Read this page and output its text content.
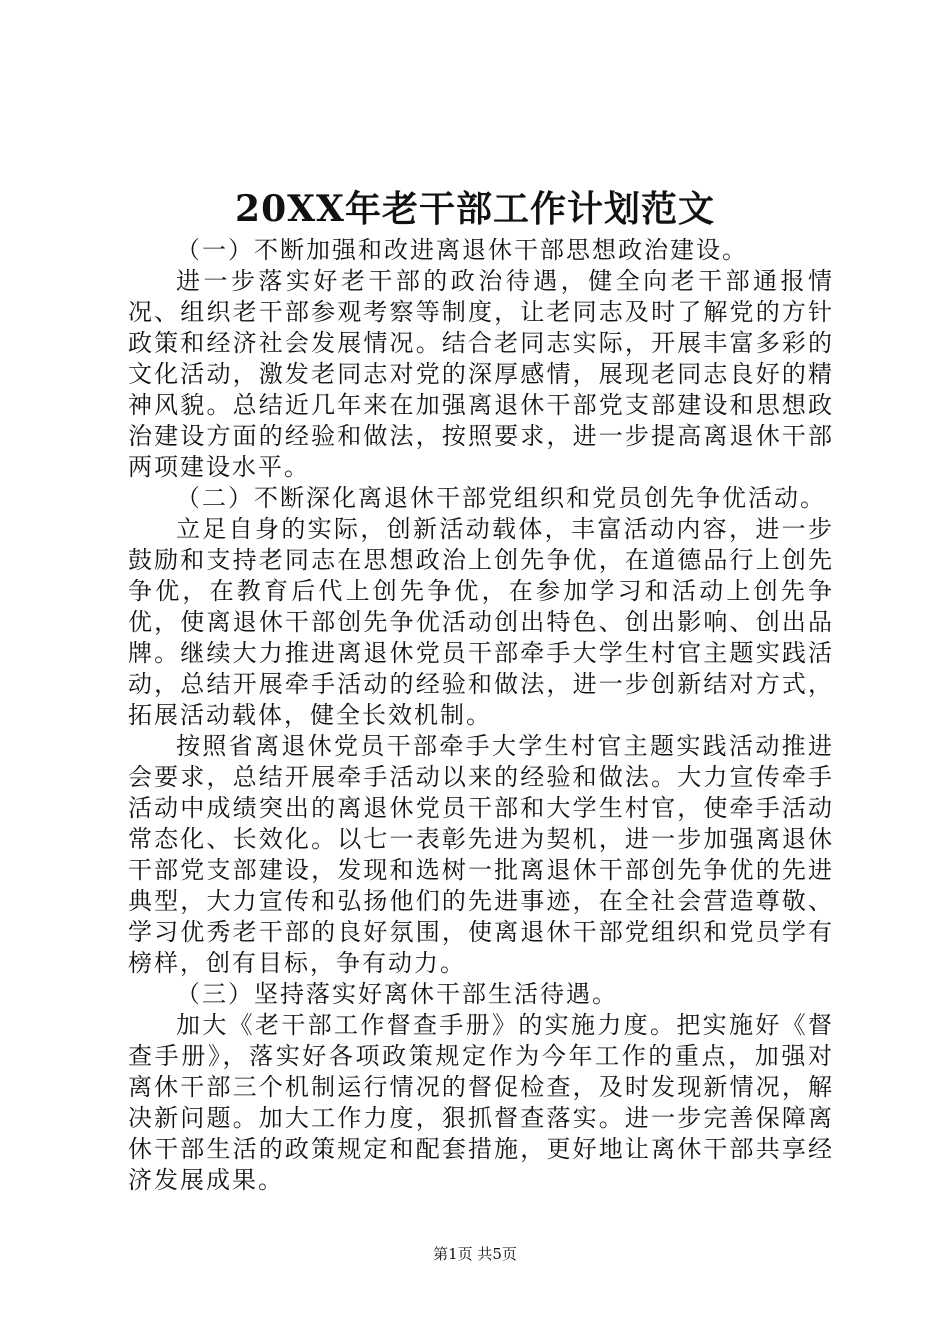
20XX年老干部工作计划范文

（一）不断加强和改进离退休干部思想政治建设。

进一步落实好老干部的政治待遇，健全向老干部通报情况、组织老干部参观考察等制度，让老同志及时了解党的方针政策和经济社会发展情况。结合老同志实际，开展丰富多彩的文化活动，激发老同志对党的深厚感情，展现老同志良好的精神风貌。总结近几年来在加强离退休干部党支部建设和思想政治建设方面的经验和做法，按照要求，进一步提高离退休干部两项建设水平。

（二）不断深化离退休干部党组织和党员创先争优活动。

立足自身的实际，创新活动载体，丰富活动内容，进一步鼓励和支持老同志在思想政治上创先争优，在道德品行上创先争优，在教育后代上创先争优，在参加学习和活动上创先争优，使离退休干部创先争优活动创出特色、创出影响、创出品牌。继续大力推进离退休党员干部牵手大学生村官主题实践活动，总结开展牵手活动的经验和做法，进一步创新结对方式，拓展活动载体，健全长效机制。

按照省离退休党员干部牵手大学生村官主题实践活动推进会要求，总结开展牵手活动以来的经验和做法。大力宣传牵手活动中成绩突出的离退休党员干部和大学生村官，使牵手活动常态化、长效化。以七一表彰先进为契机，进一步加强离退休干部党支部建设，发现和选树一批离退休干部创先争优的先进典型，大力宣传和弘扬他们的先进事迹，在全社会营造尊敬、学习优秀老干部的良好氛围，使离退休干部党组织和党员学有榜样，创有目标，争有动力。

（三）坚持落实好离休干部生活待遇。

加大《老干部工作督查手册》的实施力度。把实施好《督查手册》，落实好各项政策规定作为今年工作的重点，加强对离休干部三个机制运行情况的督促检查，及时发现新情况，解决新问题。加大工作力度，狠抓督查落实。进一步完善保障离休干部生活的政策规定和配套措施，更好地让离休干部共享经济发展成果。

第1页 共5页
